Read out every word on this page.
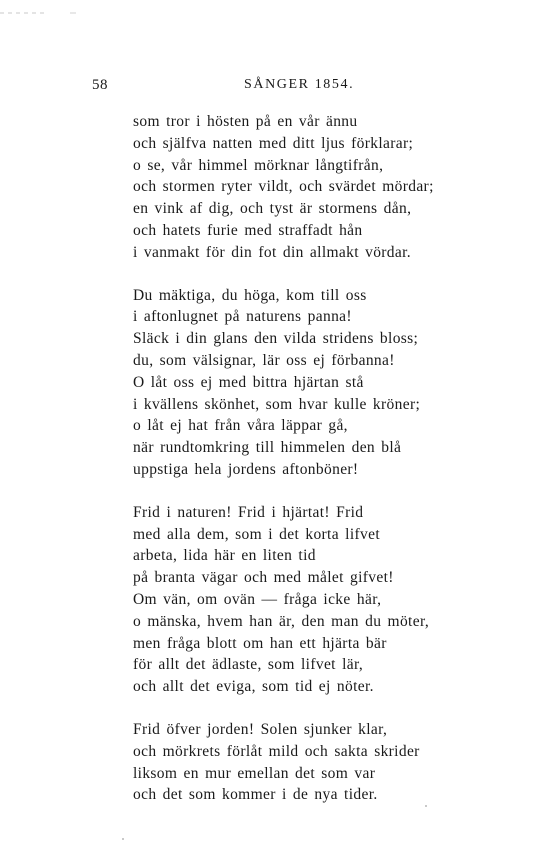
58	SÅNGER 1854.
som tror i hösten på en vår ännu
och själfva natten med ditt ljus förklarar;
o se, vår himmel mörknar långtifrån,
och stormen ryter vildt, och svärdet mördar;
en vink af dig, och tyst är stormens dån,
och hatets furie med straffadt hån
i vanmakt för din fot din allmakt vördar.
Du mäktiga, du höga, kom till oss
i aftonlugnet på naturens panna!
Släck i din glans den vilda stridens bloss;
du, som välsignar, lär oss ej förbanna!
O låt oss ej med bittra hjärtan stå
i kvällens skönhet, som hvar kulle kröner;
o låt ej hat från våra läppar gå,
när rundtomkring till himmelen den blå
uppstiga hela jordens aftonböner!
Frid i naturen! Frid i hjärtat! Frid
med alla dem, som i det korta lifvet
arbeta, lida här en liten tid
på branta vägar och med målet gifvet!
Om vän, om ovän — fråga icke här,
o mänska, hvem han är, den man du möter,
men fråga blott om han ett hjärta bär
för allt det ädlaste, som lifvet lär,
och allt det eviga, som tid ej nöter.
Frid öfver jorden! Solen sjunker klar,
och mörkrets förlåt mild och sakta skrider
liksom en mur emellan det som var
och det som kommer i de nya tider.
